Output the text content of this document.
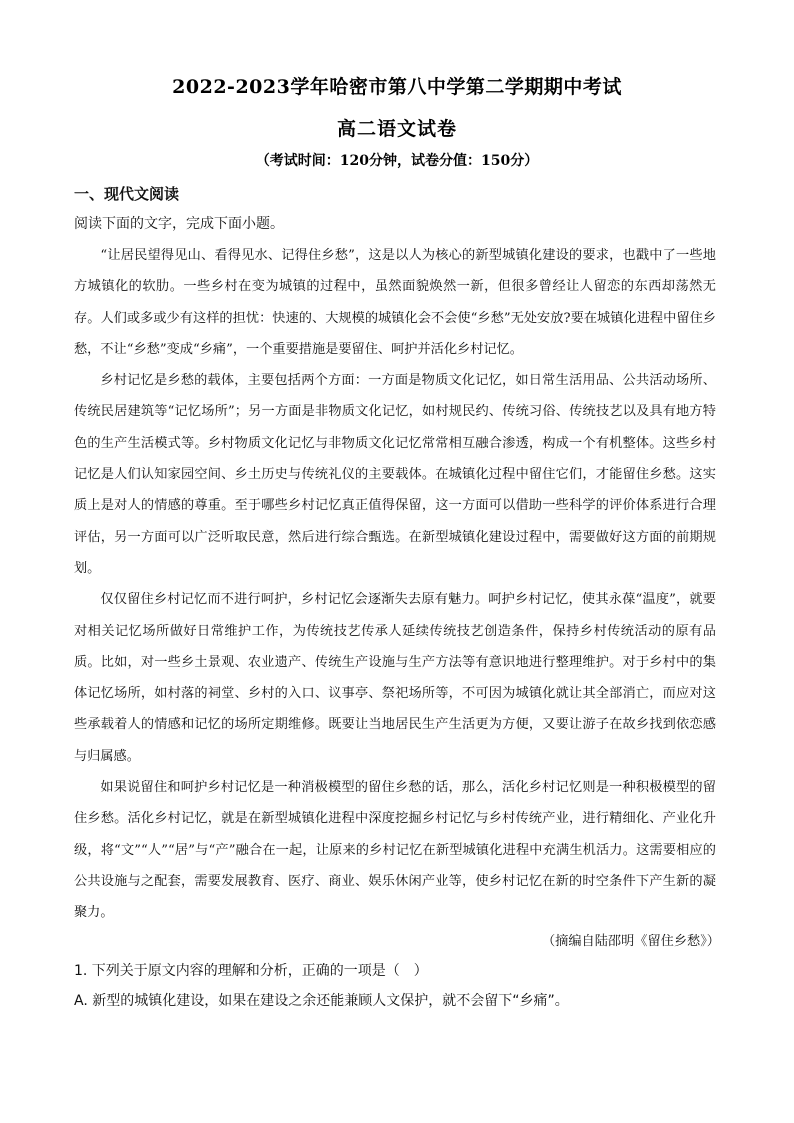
2022-2023学年哈密市第八中学第二学期期中考试
高二语文试卷
（考试时间：120分钟，试卷分值：150分）
一、现代文阅读
阅读下面的文字，完成下面小题。

“让居民望得见山、看得见水、记得住乡愁”，这是以人为核心的新型城镇化建设的要求，也戳中了一些地方城镇化的软肋。一些乡村在变为城镇的过程中，虽然面貌焕然一新，但很多曾经让人留恋的东西却荡然无存。人们或多或少有这样的担忧：快速的、大规模的城镇化会不会使“乡愁”无处安放?要在城镇化进程中留住乡愁，不让“乡愁”变成“乡痛”，一个重要措施是要留住、呵护并活化乡村记忆。

乡村记忆是乡愁的载体，主要包括两个方面：一方面是物质文化记忆，如日常生活用品、公共活动场所、传统民居建筑等“记忆场所”；另一方面是非物质文化记忆，如村规民约、传统习俗、传统技艺以及具有地方特色的生产生活模式等。乡村物质文化记忆与非物质文化记忆常常相互融合渗透，构成一个有机整体。这些乡村记忆是人们认知家园空间、乡土历史与传统礼仪的主要载体。在城镇化过程中留住它们，才能留住乡愁。这实质上是对人的情感的尊重。至于哪些乡村记忆真正值得保留，这一方面可以借助一些科学的评价体系进行合理评估，另一方面可以广泛听取民意，然后进行综合甄选。在新型城镇化建设过程中，需要做好这方面的前期规划。

仅仅留住乡村记忆而不进行呵护，乡村记忆会逐渐失去原有魅力。呵护乡村记忆，使其永葆“温度”，就要对相关记忆场所做好日常维护工作，为传统技艺传承人延续传统技艺创造条件，保持乡村传统活动的原有品质。比如，对一些乡土景观、农业遗产、传统生产设施与生产方法等有意识地进行整理维护。对于乡村中的集体记忆场所，如村落的祠堂、乡村的入口、议事亭、祭祀场所等，不可因为城镇化就让其全部消亡，而应对这些承载着人的情感和记忆的场所定期维修。既要让当地居民生产生活更为方便，又要让游子在故乡找到依恋感与归属感。

如果说留住和呵护乡村记忆是一种消极模型的留住乡愁的话，那么，活化乡村记忆则是一种积极模型的留住乡愁。活化乡村记忆，就是在新型城镇化进程中深度挖掘乡村记忆与乡村传统产业，进行精细化、产业化升级，将“文”“人”“居”与“产”融合在一起，让原来的乡村记忆在新型城镇化进程中充满生机活力。这需要相应的公共设施与之配套，需要发展教育、医疗、商业、娱乐休闲产业等，使乡村记忆在新的时空条件下产生新的凝聚力。

（摘编自陆邵明《留住乡愁》）
1. 下列关于原文内容的理解和分析，正确的一项是（　）
A. 新型的城镇化建设，如果在建设之余还能兼顾人文保护，就不会留下“乡痛”。
